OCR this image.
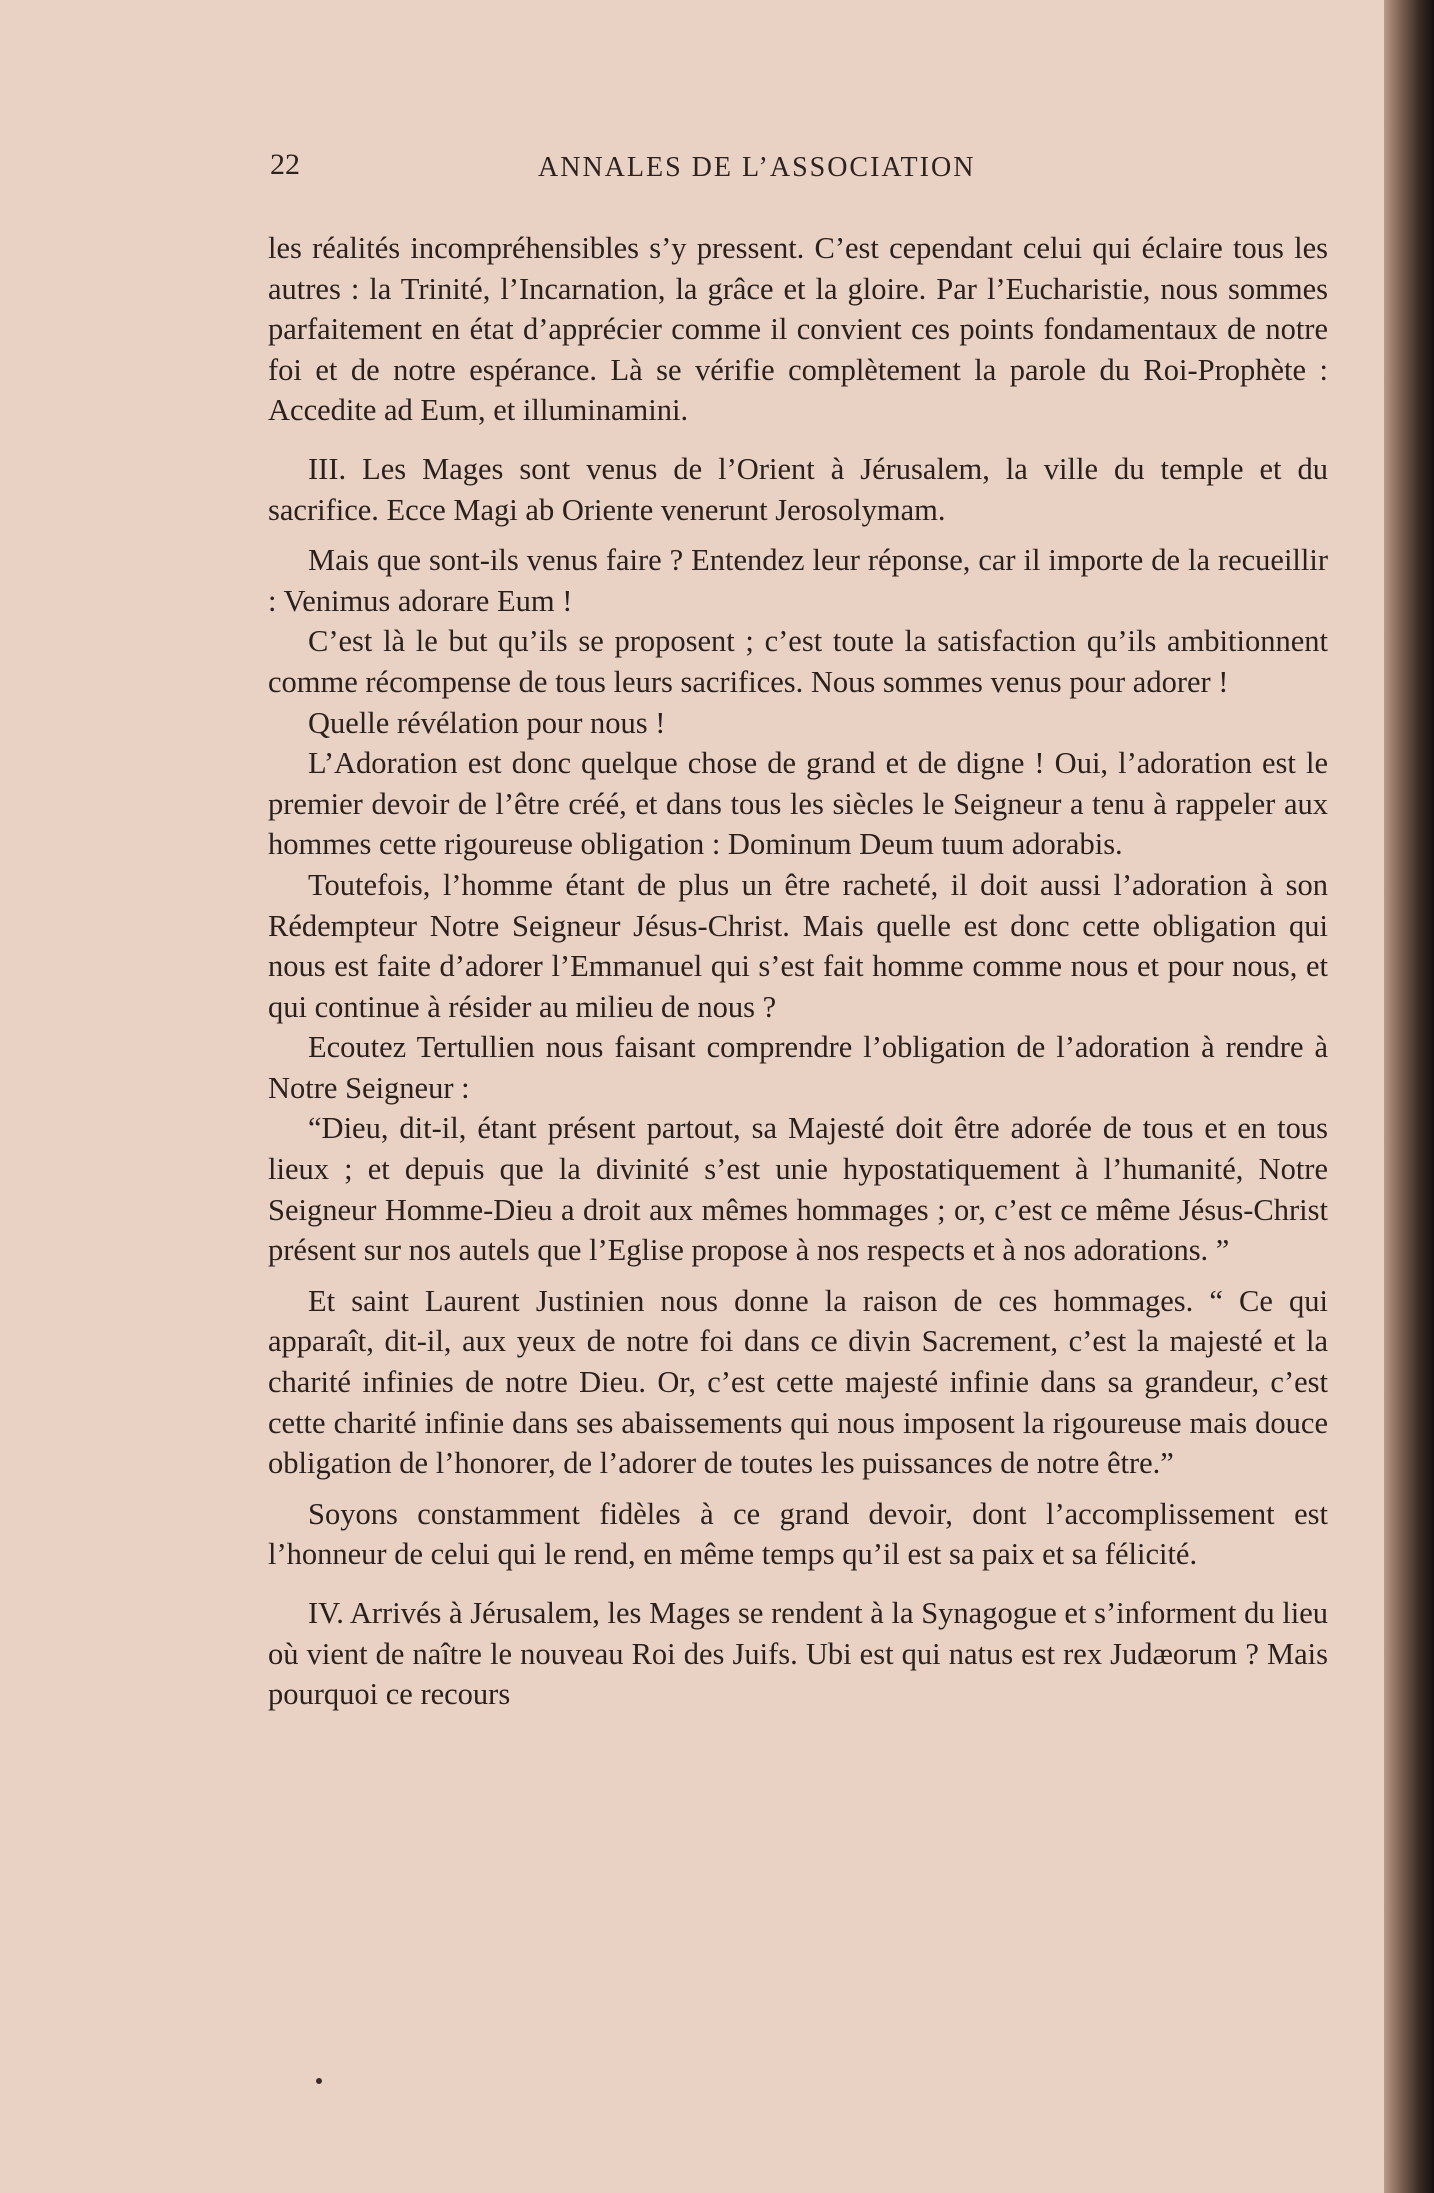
22	ANNALES DE L’ASSOCIATION

les réalités incompréhensibles s’y pressent. C’est cependant celui qui éclaire tous les autres : la Trinité, l’Incarnation, la grâce et la gloire. Par l’Eucharistie, nous sommes parfaitement en état d’apprécier comme il convient ces points fondamentaux de notre foi et de notre espérance. Là se vérifie complètement la parole du Roi-Prophète : Accedite ad Eum, et illuminamini.

III. Les Mages sont venus de l’Orient à Jérusalem, la ville du temple et du sacrifice. Ecce Magi ab Oriente venerunt Jerosolymam.

Mais que sont-ils venus faire ? Entendez leur réponse, car il importe de la recueillir : Venimus adorare Eum !

C’est là le but qu’ils se proposent ; c’est toute la satisfaction qu’ils ambitionnent comme récompense de tous leurs sacrifices. Nous sommes venus pour adorer !

Quelle révélation pour nous !

L’Adoration est donc quelque chose de grand et de digne ! Oui, l’adoration est le premier devoir de l’être créé, et dans tous les siècles le Seigneur a tenu à rappeler aux hommes cette rigoureuse obligation : Dominum Deum tuum adorabis.

Toutefois, l’homme étant de plus un être racheté, il doit aussi l’adoration à son Rédempteur Notre Seigneur Jésus-Christ. Mais quelle est donc cette obligation qui nous est faite d’adorer l’Emmanuel qui s’est fait homme comme nous et pour nous, et qui continue à résider au milieu de nous ?

Ecoutez Tertullien nous faisant comprendre l’obligation de l’adoration à rendre à Notre Seigneur :

“Dieu, dit-il, étant présent partout, sa Majesté doit être adorée de tous et en tous lieux ; et depuis que la divinité s’est unie hypostatiquement à l’humanité, Notre Seigneur Homme-Dieu a droit aux mêmes hommages ; or, c’est ce même Jésus-Christ présent sur nos autels que l’Eglise propose à nos respects et à nos adorations. ”

Et saint Laurent Justinien nous donne la raison de ces hommages. “ Ce qui apparaît, dit-il, aux yeux de notre foi dans ce divin Sacrement, c’est la majesté et la charité infinies de notre Dieu. Or, c’est cette majesté infinie dans sa grandeur, c’est cette charité infinie dans ses abaissements qui nous imposent la rigoureuse mais douce obligation de l’honorer, de l’adorer de toutes les puissances de notre être.”

Soyons constamment fidèles à ce grand devoir, dont l’accomplissement est l’honneur de celui qui le rend, en même temps qu’il est sa paix et sa félicité.

IV. Arrivés à Jérusalem, les Mages se rendent à la Synagogue et s’informent du lieu où vient de naître le nouveau Roi des Juifs. Ubi est qui natus est rex Judæorum ? Mais pourquoi ce recours
